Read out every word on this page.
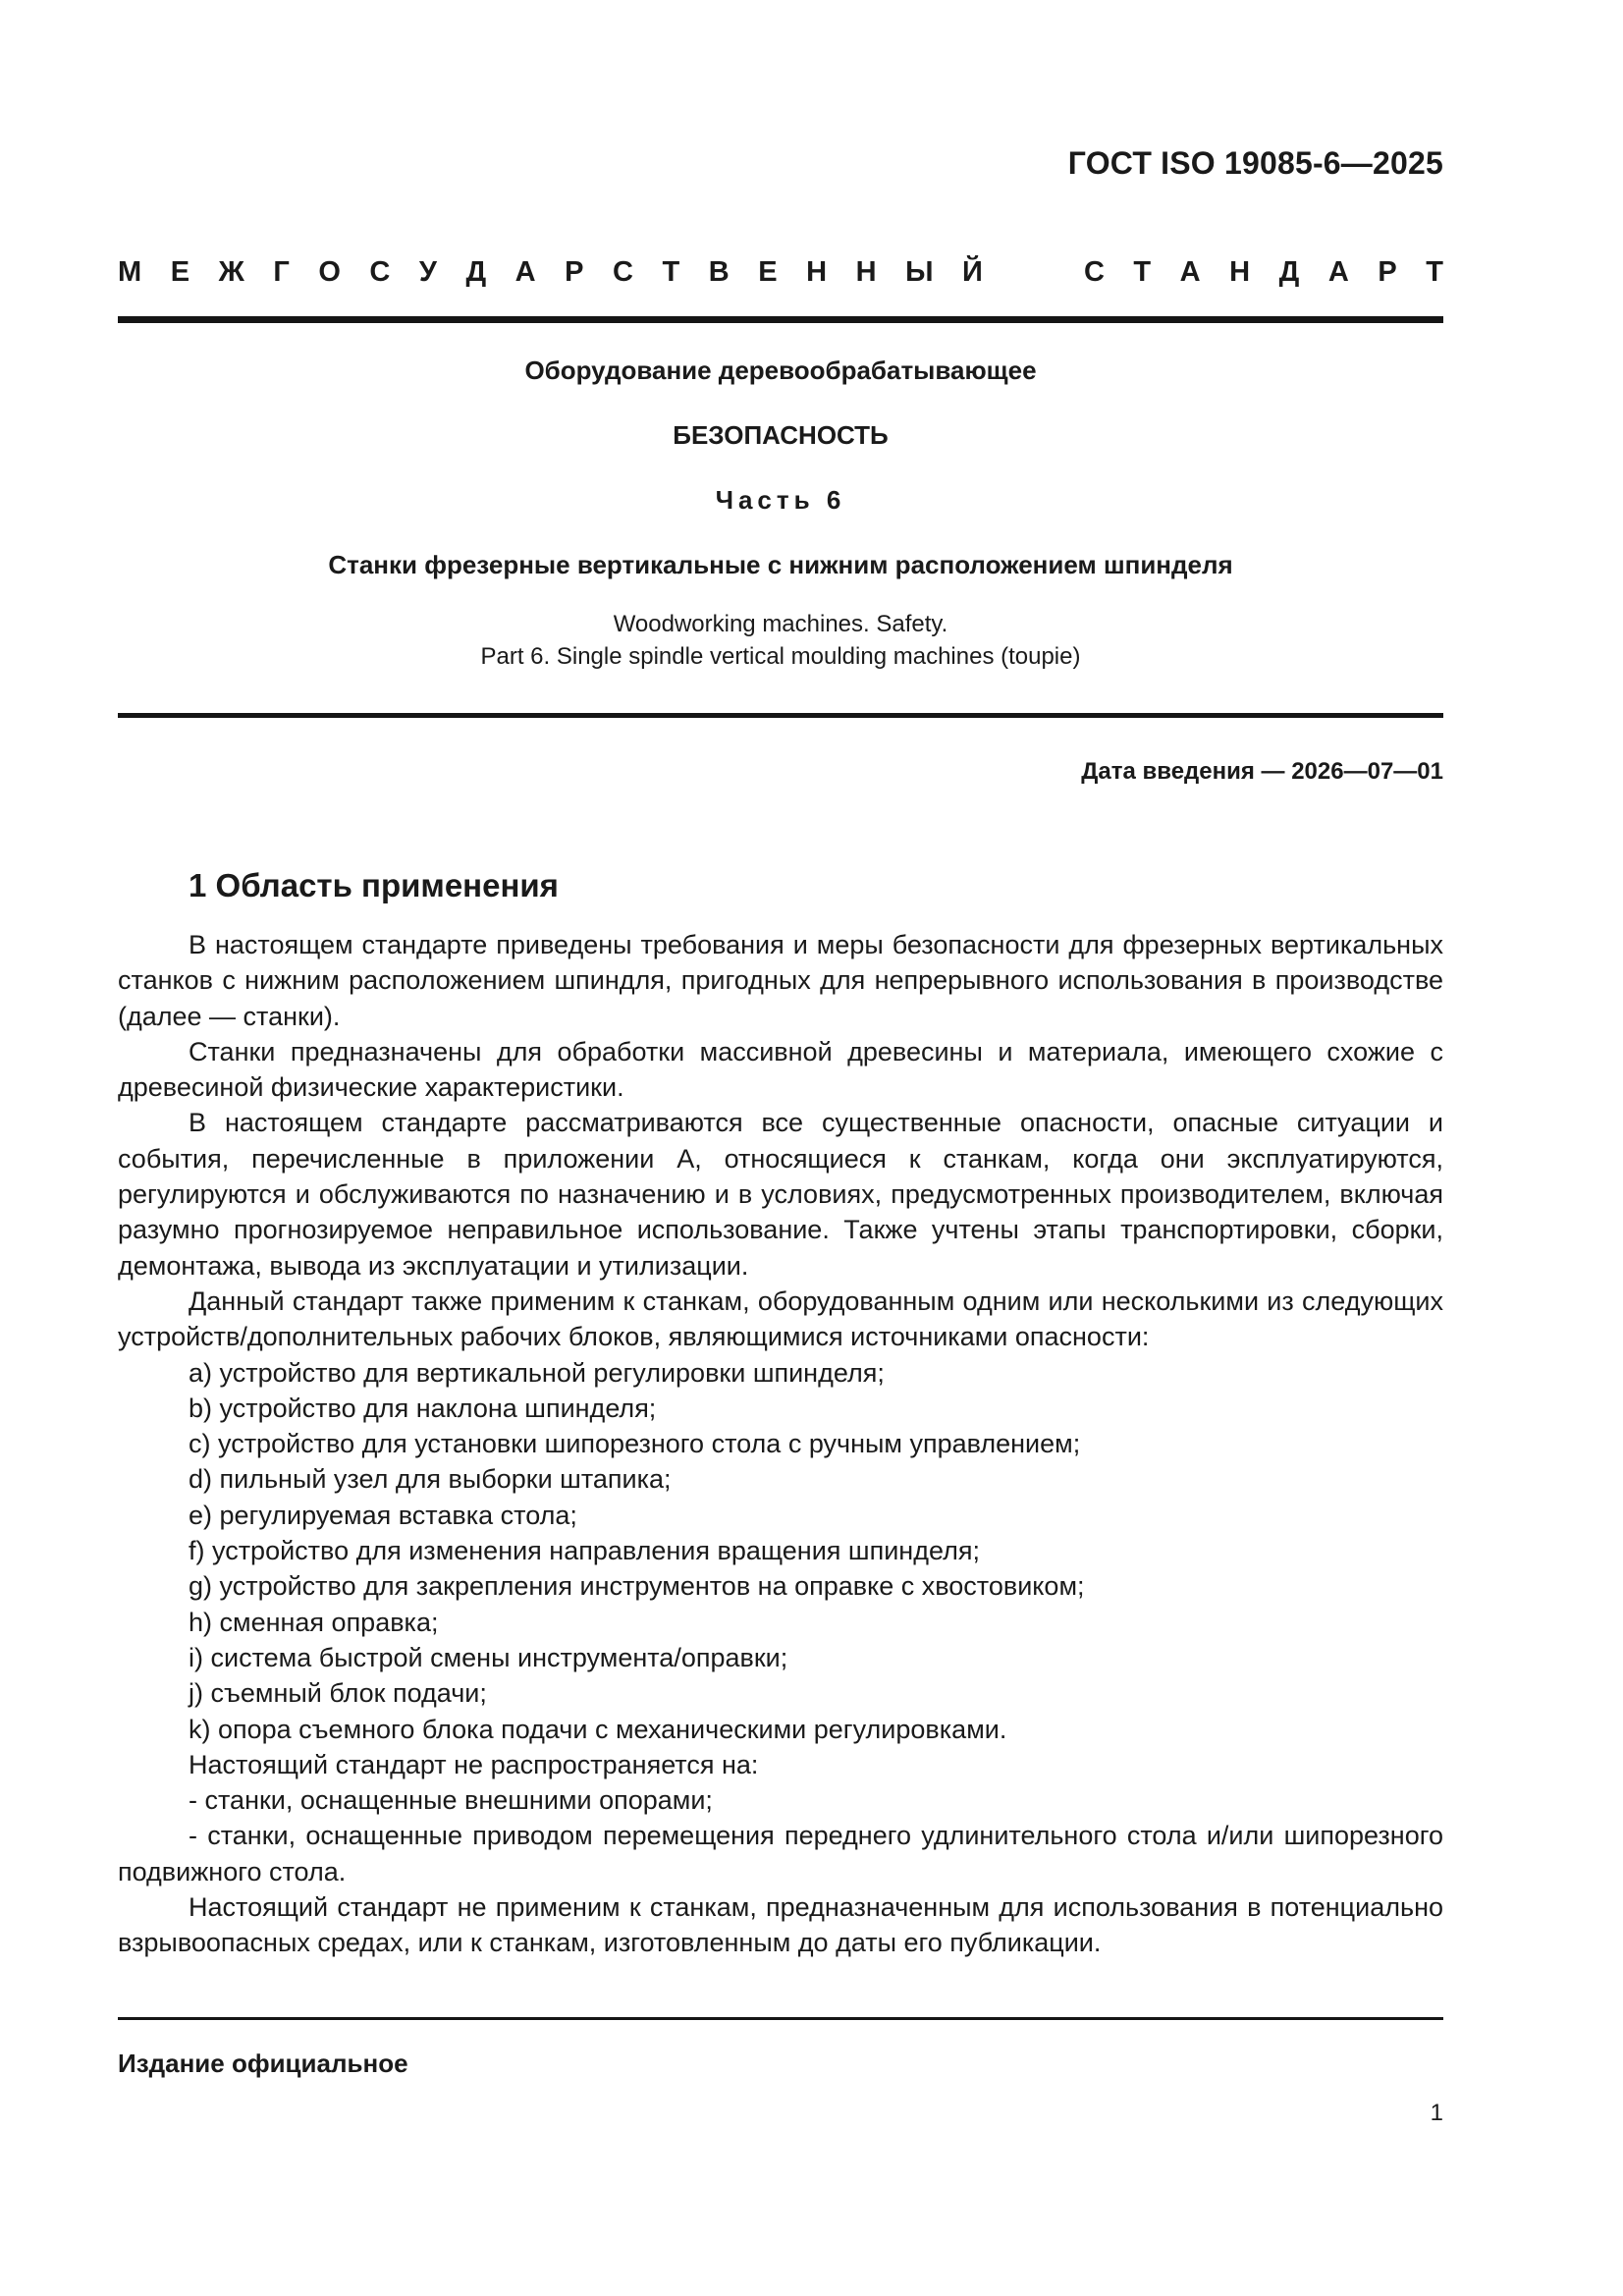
ГОСТ ISO 19085-6—2025
М Е Ж Г О С У Д А Р С Т В Е Н Н Ы Й	С Т А Н Д А Р Т
Оборудование деревообрабатывающее
БЕЗОПАСНОСТЬ
Часть 6
Станки фрезерные вертикальные с нижним расположением шпинделя
Woodworking machines. Safety.
Part 6. Single spindle vertical moulding machines (toupie)
Дата введения — 2026—07—01
1 Область применения

В настоящем стандарте приведены требования и меры безопасности для фрезерных вертикальных станков с нижним расположением шпиндля, пригодных для непрерывного использования в производстве (далее — станки).

Станки предназначены для обработки массивной древесины и материала, имеющего схожие с древесиной физические характеристики.

В настоящем стандарте рассматриваются все существенные опасности, опасные ситуации и события, перечисленные в приложении А, относящиеся к станкам, когда они эксплуатируются, регулируются и обслуживаются по назначению и в условиях, предусмотренных производителем, включая разумно прогнозируемое неправильное использование. Также учтены этапы транспортировки, сборки, демонтажа, вывода из эксплуатации и утилизации.

Данный стандарт также применим к станкам, оборудованным одним или несколькими из следующих устройств/дополнительных рабочих блоков, являющимися источниками опасности:

a) устройство для вертикальной регулировки шпинделя;

b) устройство для наклона шпинделя;

c) устройство для установки шипорезного стола с ручным управлением;

d) пильный узел для выборки штапика;

e) регулируемая вставка стола;

f) устройство для изменения направления вращения шпинделя;

g) устройство для закрепления инструментов на оправке с хвостовиком;

h) сменная оправка;

i) система быстрой смены инструмента/оправки;

j) съемный блок подачи;

k) опора съемного блока подачи с механическими регулировками.

Настоящий стандарт не распространяется на:

- станки, оснащенные внешними опорами;

- станки, оснащенные приводом перемещения переднего удлинительного стола и/или шипорезного подвижного стола.

Настоящий стандарт не применим к станкам, предназначенным для использования в потенциально взрывоопасных средах, или к станкам, изготовленным до даты его публикации.

Издание официальное
1
